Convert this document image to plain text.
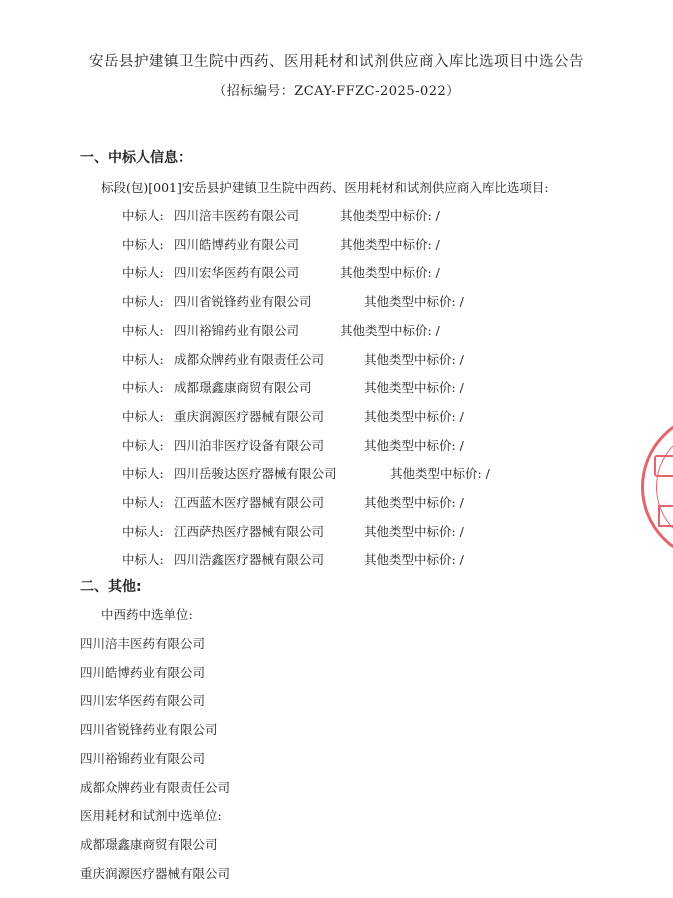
安岳县护建镇卫生院中西药、医用耗材和试剂供应商入库比选项目中选公告
（招标编号：ZCAY-FFZC-2025-022）
一、中标人信息：
标段(包)[001]安岳县护建镇卫生院中西药、医用耗材和试剂供应商入库比选项目:
中标人: 四川涪丰医药有限公司	其他类型中标价: /
中标人: 四川皓博药业有限公司	其他类型中标价: /
中标人: 四川宏华医药有限公司	其他类型中标价: /
中标人: 四川省锐锋药业有限公司	其他类型中标价: /
中标人: 四川裕锦药业有限公司	其他类型中标价: /
中标人: 成都众牌药业有限责任公司	其他类型中标价: /
中标人: 成都璟鑫康商贸有限公司	其他类型中标价: /
中标人: 重庆润源医疗器械有限公司	其他类型中标价: /
中标人: 四川泊非医疗设备有限公司	其他类型中标价: /
中标人: 四川岳骏达医疗器械有限公司	其他类型中标价: /
中标人: 江西蓝木医疗器械有限公司	其他类型中标价: /
中标人: 江西萨热医疗器械有限公司	其他类型中标价: /
中标人: 四川浩鑫医疗器械有限公司	其他类型中标价: /
二、其他:
中西药中选单位:
四川涪丰医药有限公司
四川皓博药业有限公司
四川宏华医药有限公司
四川省锐锋药业有限公司
四川裕锦药业有限公司
成都众牌药业有限责任公司
医用耗材和试剂中选单位:
成都璟鑫康商贸有限公司
重庆润源医疗器械有限公司
